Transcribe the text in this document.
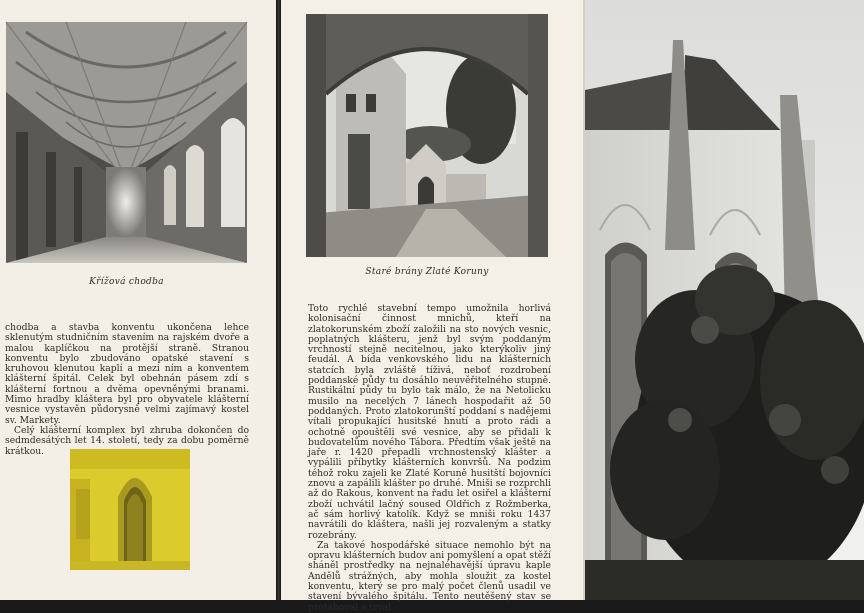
Křížová chodba

chodba a stavba konventu ukončena lehce sklenutým studničním stavením na rajském dvoře a malou kaplíčkou na protější straně. Stranou konventu bylo zbudováno opatské stavení s kruhovou klenutou kaplí a mezi ním a konventem klášterní špitál. Celek byl obehnán pásem zdí s klášterní fortnou a dvěma opevněnými branami. Mimo hradby kláštera byl pro obyvatele klášterní vesnice vystavěn půdorysně velmi zajímavý kostel sv. Markety.

Celý klášterní komplex byl zhruba dokončen do sedmdesátých let 14. století, tedy za dobu poměrně krátkou.

Staré brány Zlaté Koruny

Toto rychlé stavební tempo umožnila horlivá kolonisační činnost mnichů, kteří na zlatokorunském zboží založili na sto nových vesnic, poplatných klášteru, jenž byl svým poddaným vrchností stejně necitelnou, jako kterýkoliv jiný feudál. A bída venkovského lidu na klášterních statcích byla zvláště tíživá, neboť rozdrobení poddanské půdy tu dosáhlo neuvěřitelného stupně. Rustikální půdy tu bylo tak málo, že na Netolicku musilo na necelých 7 lánech hospodařit až 50 poddaných. Proto zlatokorunští poddaní s nadějemi vítali propukající husitské hnutí a proto rádi a ochotně opouštěli své vesnice, aby se přidali k budovatelům nového Tábora. Předtím však ještě na jaře r. 1420 přepadli vrchnostenský klášter a vypálili příbytky klášterních konvršů. Na podzim téhož roku zajeli ke Zlaté Koruně husitští bojovníci znovu a zapálili klášter po druhé. Mniši se rozprchli až do Rakous, konvent na řadu let osiřel a klášterní zboží uchvátil lačný soused Oldřich z Rožmberka, ač sám horlivý katolík. Když se mniši roku 1437 navrátili do kláštera, našli jej rozvaleným a statky rozebrány.

Za takové hospodářské situace nemohlo být na opravu klášterních budov ani pomyšlení a opat stěží sháněl prostředky na nejnaléhavější úpravu kaple Andělů strážných, aby mohla sloužit za kostel konventu, který se pro malý počet členů usadil ve stavení bývalého špitálu. Tento neutěšený stav se protahoval a trval
